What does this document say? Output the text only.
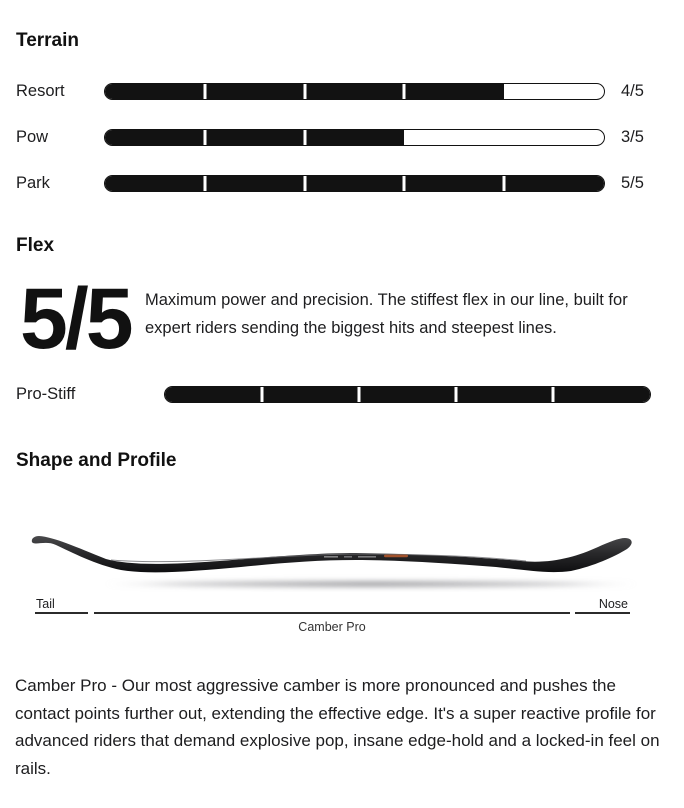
Terrain
Resort	4/5
Pow	3/5
Park	5/5
Flex
5/5 Maximum power and precision. The stiffest flex in our line, built for expert riders sending the biggest hits and steepest lines.
Pro-Stiff
Shape and Profile
Tail	Nose
Camber Pro

Camber Pro - Our most aggressive camber is more pronounced and pushes the contact points further out, extending the effective edge. It's a super reactive profile for advanced riders that demand explosive pop, insane edge-hold and a locked-in feel on rails.
